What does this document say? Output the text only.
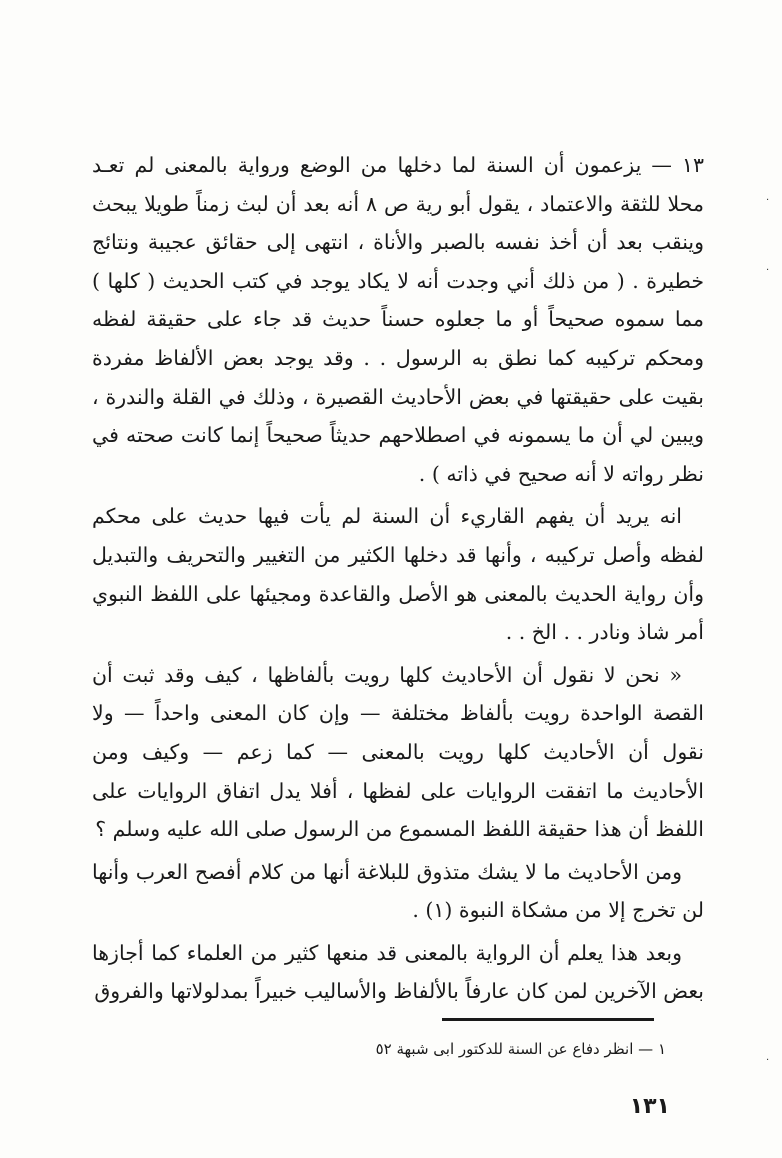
١٣ — يزعمون أن السنة لما دخلها من الوضع ورواية بالمعنى لم تعـد محلا للثقة والاعتماد ، يقول أبو رية ص ٨ أنه بعد أن لبث زمناً طويلا يبحث وينقب بعد أن أخذ نفسه بالصبر والأناة ، انتهى إلى حقائق عجيبة ونتائج خطيرة . ( من ذلك أني وجدت أنه لا يكاد يوجد في كتب الحديث ( كلها ) مما سموه صحيحاً أو ما جعلوه حسناً حديث قد جاء على حقيقة لفظه ومحكم تركيبه كما نطق به الرسول . . وقد يوجد بعض الألفاظ مفردة بقيت على حقيقتها في بعض الأحاديث القصيرة ، وذلك في القلة والندرة ، ويبين لي أن ما يسمونه في اصطلاحهم حديثاً صحيحاً إنما كانت صحته في نظر رواته لا أنه صحيح في ذاته ) .

انه يريد أن يفهم القاريء أن السنة لم يأت فيها حديث على محكم لفظه وأصل تركيبه ، وأنها قد دخلها الكثير من التغيير والتحريف والتبديل وأن رواية الحديث بالمعنى هو الأصل والقاعدة ومجيئها على اللفظ النبوي أمر شاذ ونادر . . الخ . .

« نحن لا نقول أن الأحاديث كلها رويت بألفاظها ، كيف وقد ثبت أن القصة الواحدة رويت بألفاظ مختلفة — وإن كان المعنى واحداً — ولا نقول أن الأحاديث كلها رويت بالمعنى — كما زعم — وكيف ومن الأحاديث ما اتفقت الروايات على لفظها ، أفلا يدل اتفاق الروايات على اللفظ أن هذا حقيقة اللفظ المسموع من الرسول صلى الله عليه وسلم ؟

ومن الأحاديث ما لا يشك متذوق للبلاغة أنها من كلام أفصح العرب وأنها لن تخرج إلا من مشكاة النبوة (١) .

وبعد هذا يعلم أن الرواية بالمعنى قد منعها كثير من العلماء كما أجازها بعض الآخرين لمن كان عارفاً بالألفاظ والأساليب خبيراً بمدلولاتها والفروق

١ — انظر دفاع عن السنة للدكتور ابى شبهة ٥٢
١٣١
·
·
·
